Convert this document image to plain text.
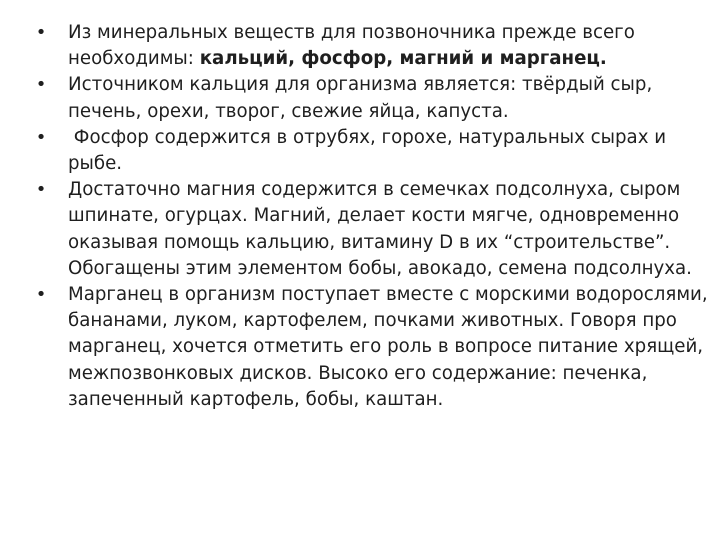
• Из минеральных веществ для позвоночника прежде всего необходимы: кальций, фосфор, магний и марганец.
• Источником кальция для организма является: твёрдый сыр, печень, орехи, творог, свежие яйца, капуста.
• Фосфор содержится в отрубях, горохе, натуральных сырах и рыбе.
• Достаточно магния содержится в семечках подсолнуха, сыром шпинате, огурцах. Магний, делает кости мягче, одновременно оказывая помощь кальцию, витамину D в их “строительстве”. Обогащены этим элементом бобы, авокадо, семена подсолнуха.
• Марганец в организм поступает вместе с морскими водорослями, бананами, луком, картофелем, почками животных. Говоря про марганец, хочется отметить его роль в вопросе питание хрящей, межпозвонковых дисков. Высоко его содержание: печенка, запеченный картофель, бобы, каштан.
